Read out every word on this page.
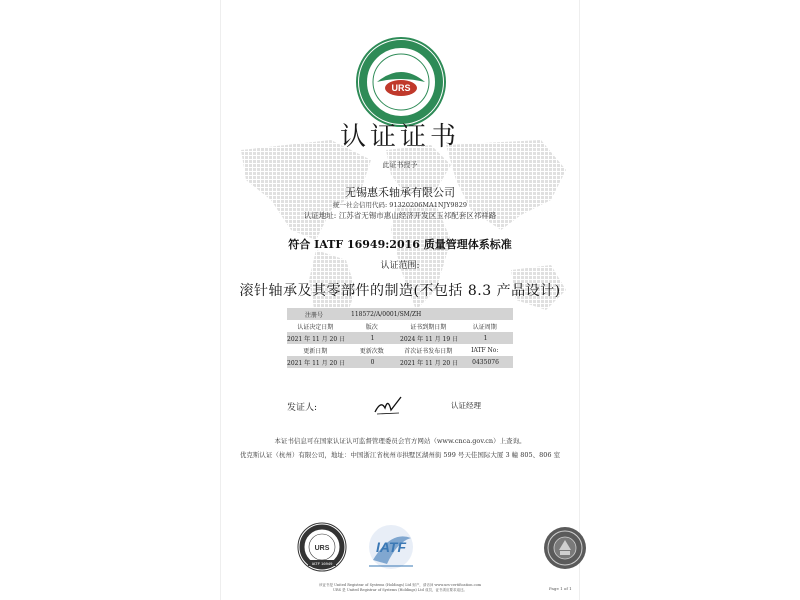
URS
认证证书
此证书授予
无锡惠禾轴承有限公司
统一社会信用代码: 91320206MA1NJY9829
认证地址: 江苏省无锡市惠山经济开发区玉祁配套区祁祥路
符合 IATF 16949:2016 质量管理体系标准
认证范围:
滚针轴承及其零部件的制造(不包括 8.3 产品设计)
注册号	118572/A/0001/SM/ZH
认证决定日期	版次	证书到期日期	认证周期
2021 年 11 月 20 日	1	2024 年 11 月 19 日	1
更新日期	更新次数	首次证书发布日期	IATF No:
2021 年 11 月 20 日	0	2021 年 11 月 20 日	0435076
发证人:	认证经理
本证书信息可在国家认证认可监督管理委员会官方网站（www.cnca.gov.cn）上查询。
优克斯认证（杭州）有限公司，地址：中国浙江省杭州市拱墅区湖州街 599 号天佳国际大厦 3 幢 805、806 室
URS
IATF 16949
IATF
该证书是 United Registrar of Systems (Holdings) Ltd 财产，请访问 www.urs-certification.com
URS 是 United Registrar of Systems (Holdings) Ltd 成员，证书须应要求返还。	Page 1 of 1
